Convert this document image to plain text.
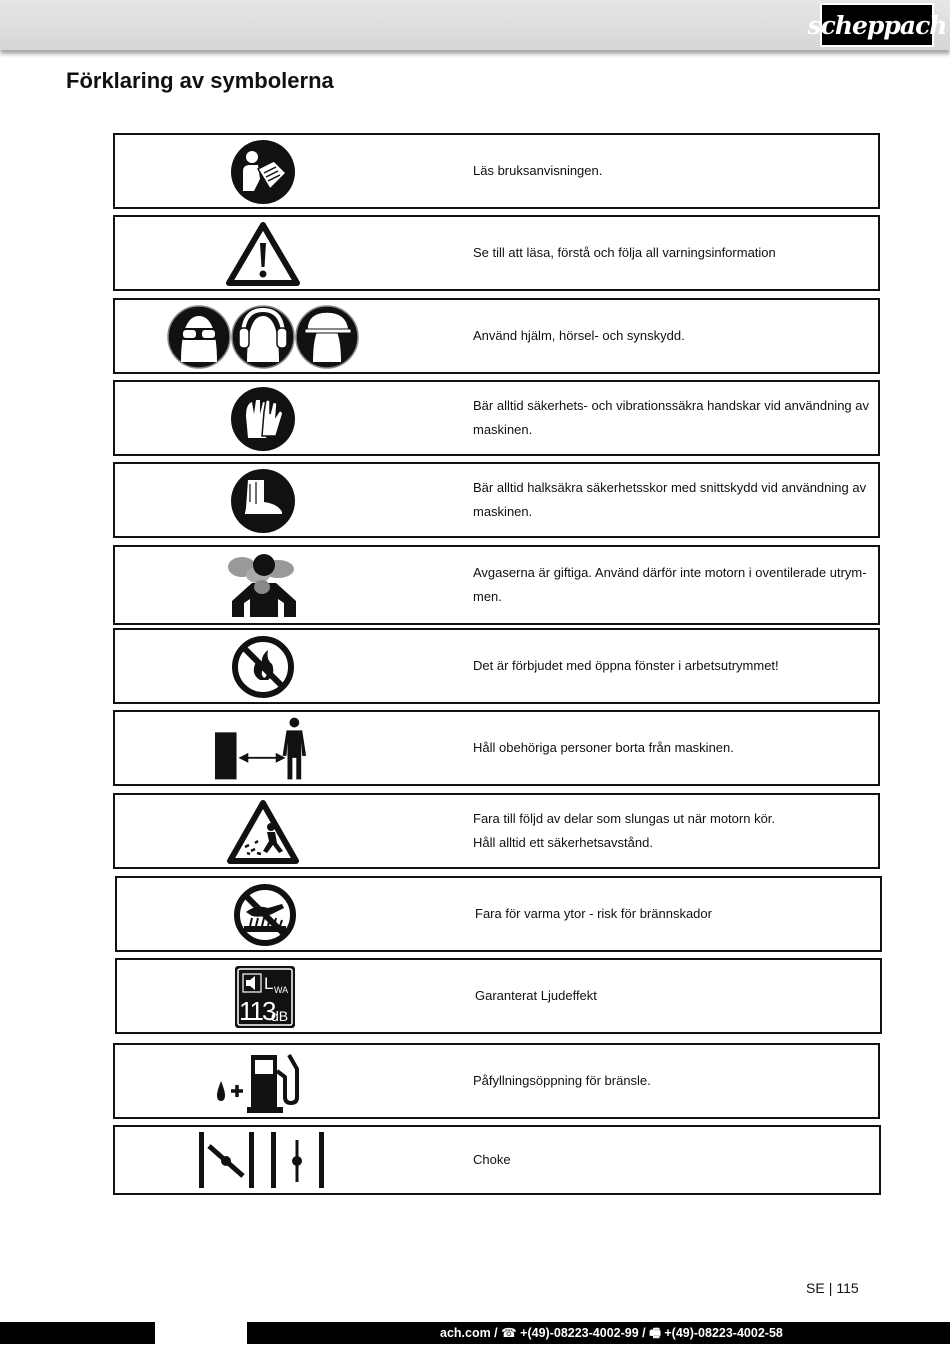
scheppach
Förklaring av symbolerna
Läs bruksanvisningen.
Se till att läsa, förstå och följa all varningsinformation
Använd hjälm, hörsel- och synskydd.
Bär alltid säkerhets- och vibrationssäkra handskar vid användning av
maskinen.
Bär alltid halksäkra säkerhetsskor med snittskydd vid användning av
maskinen.
Avgaserna är giftiga. Använd därför inte motorn i oventilerade utrym-
men.
Det är förbjudet med öppna fönster i arbetsutrymmet!
Håll obehöriga personer borta från maskinen.
Fara till följd av delar som slungas ut när motorn kör.
Håll alltid ett säkerhetsavstånd.
Fara för varma ytor - risk för brännskador
L WA
113
dB
Garanterat Ljudeffekt
Påfyllningsöppning för bränsle.
Choke
SE | 115
ach.com / ☎ +(49)-08223-4002-99 / 🖷 +(49)-08223-4002-58
